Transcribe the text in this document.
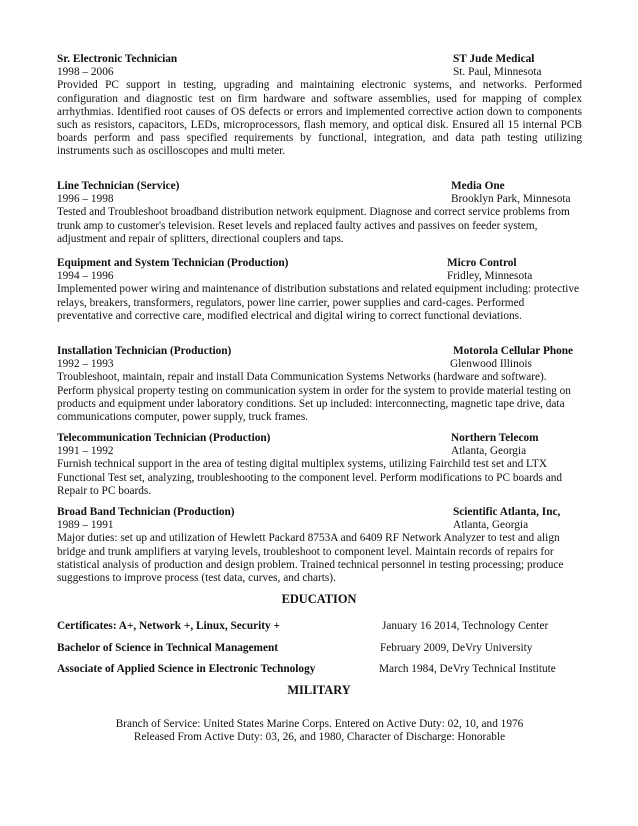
Sr. Electronic Technician	ST Jude Medical
1998 – 2006	St. Paul, Minnesota

Provided PC support in testing, upgrading and maintaining electronic systems, and networks. Performed configuration and diagnostic test on firm hardware and software assemblies, used for mapping of complex arrhythmias. Identified root causes of OS defects or errors and implemented corrective action down to components such as resistors, capacitors, LEDs, microprocessors, flash memory, and optical disk. Ensured all 15 internal PCB boards perform and pass specified requirements by functional, integration, and data path testing utilizing instruments such as oscilloscopes and multi meter.

Line Technician (Service)	Media One
1996 – 1998	Brooklyn Park, Minnesota

Tested and Troubleshoot broadband distribution network equipment. Diagnose and correct service problems from trunk amp to customer's television. Reset levels and replaced faulty actives and passives on feeder system, adjustment and repair of splitters, directional couplers and taps.

Equipment and System Technician (Production)	Micro Control
1994 – 1996	Fridley, Minnesota

Implemented power wiring and maintenance of distribution substations and related equipment including: protective relays, breakers, transformers, regulators, power line carrier, power supplies and card-cages. Performed preventative and corrective care, modified electrical and digital wiring to correct functional deviations.

Installation Technician (Production)	Motorola Cellular Phone
1992 – 1993	Glenwood Illinois

Troubleshoot, maintain, repair and install Data Communication Systems Networks (hardware and software). Perform physical property testing on communication system in order for the system to provide material testing on products and equipment under laboratory conditions. Set up included: interconnecting, magnetic tape drive, data communications computer, power supply, truck frames.

Telecommunication Technician (Production)	Northern Telecom
1991 – 1992	Atlanta, Georgia

Furnish technical support in the area of testing digital multiplex systems, utilizing Fairchild test set and LTX Functional Test set, analyzing, troubleshooting to the component level. Perform modifications to PC boards and Repair to PC boards.

Broad Band Technician (Production)	Scientific Atlanta, Inc,
1989 – 1991	Atlanta, Georgia

Major duties: set up and utilization of Hewlett Packard 8753A and 6409 RF Network Analyzer to test and align bridge and trunk amplifiers at varying levels, troubleshoot to component level. Maintain records of repairs for statistical analysis of production and design problem. Trained technical personnel in testing processing; produce suggestions to improve process (test data, curves, and charts).

EDUCATION
Certificates: A+, Network +, Linux, Security +	January 16 2014, Technology Center
Bachelor of Science in Technical Management	February 2009, DeVry University
Associate of Applied Science in Electronic Technology	March 1984, DeVry Technical Institute
MILITARY
Branch of Service: United States Marine Corps. Entered on Active Duty: 02, 10, and 1976
Released From Active Duty: 03, 26, and 1980, Character of Discharge: Honorable
